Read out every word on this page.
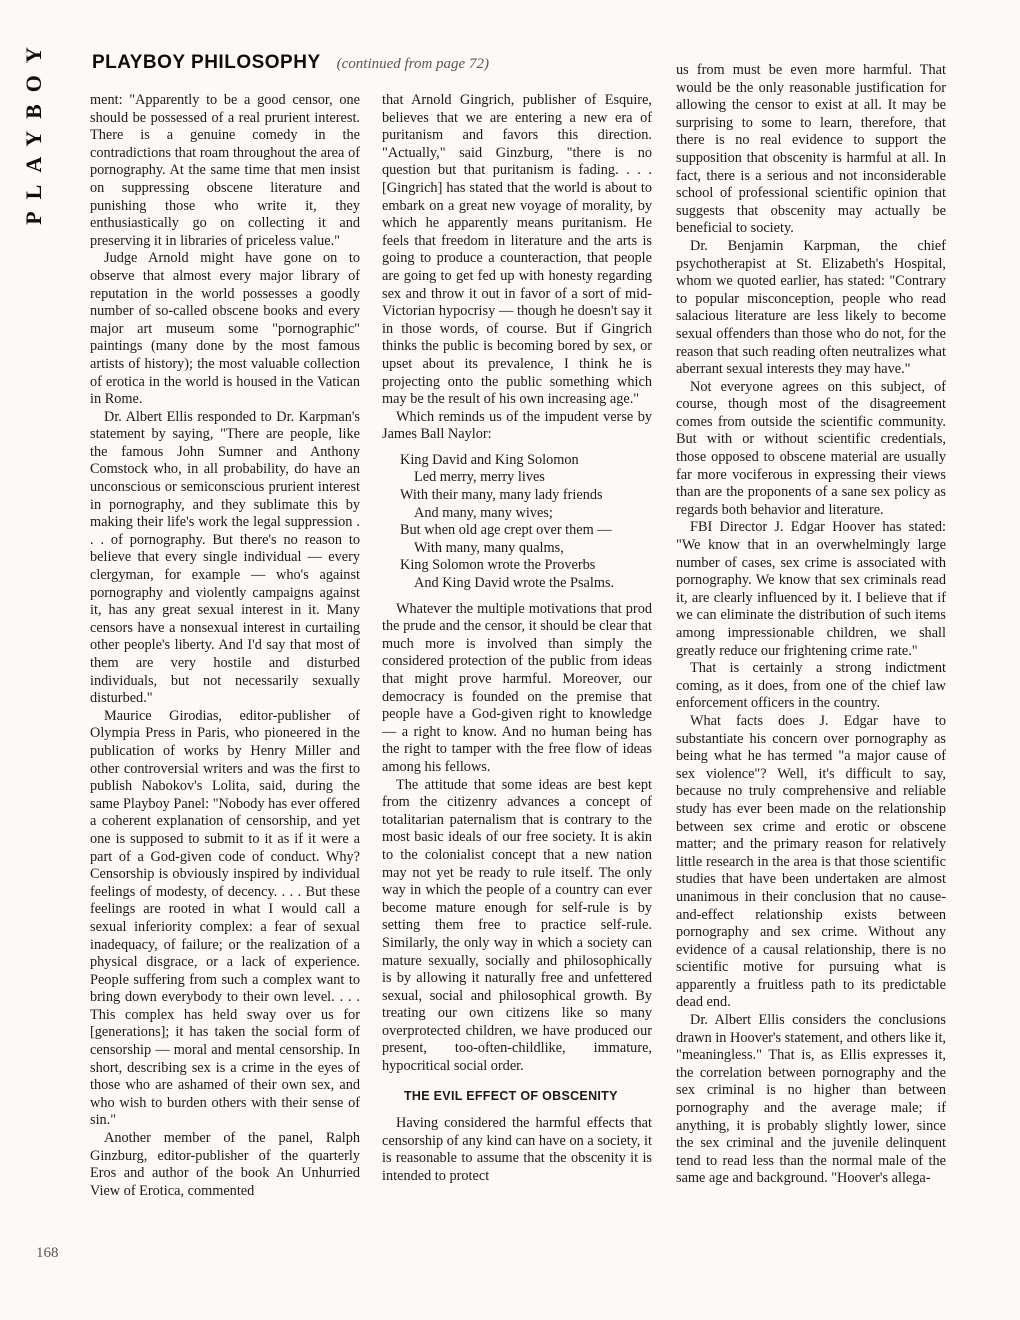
PLAYBOY PLAYBOY PHILOSOPHY (continued from page 72)

ment: "Apparently to be a good censor, one should be possessed of a real prurient interest. There is a genuine comedy in the contradictions that roam throughout the area of pornography. At the same time that men insist on suppressing obscene literature and punishing those who write it, they enthusiastically go on collecting it and preserving it in libraries of priceless value."

Judge Arnold might have gone on to observe that almost every major library of reputation in the world possesses a goodly number of so-called obscene books and every major art museum some "pornographic" paintings (many done by the most famous artists of history); the most valuable collection of erotica in the world is housed in the Vatican in Rome.

Dr. Albert Ellis responded to Dr. Karpman's statement by saying, "There are people, like the famous John Sumner and Anthony Comstock who, in all probability, do have an unconscious or semiconscious prurient interest in pornography, and they sublimate this by making their life's work the legal suppression . . . of pornography. But there's no reason to believe that every single individual — every clergyman, for example — who's against pornography and violently campaigns against it, has any great sexual interest in it. Many censors have a nonsexual interest in curtailing other people's liberty. And I'd say that most of them are very hostile and disturbed individuals, but not necessarily sexually disturbed."

Maurice Girodias, editor-publisher of Olympia Press in Paris, who pioneered in the publication of works by Henry Miller and other controversial writers and was the first to publish Nabokov's Lolita, said, during the same Playboy Panel: "Nobody has ever offered a coherent explanation of censorship, and yet one is supposed to submit to it as if it were a part of a God-given code of conduct. Why? Censorship is obviously inspired by individual feelings of modesty, of decency. . . . But these feelings are rooted in what I would call a sexual inferiority complex: a fear of sexual inadequacy, of failure; or the realization of a physical disgrace, or a lack of experience. People suffering from such a complex want to bring down everybody to their own level. . . . This complex has held sway over us for [generations]; it has taken the social form of censorship — moral and mental censorship. In short, describing sex is a crime in the eyes of those who are ashamed of their own sex, and who wish to burden others with their sense of sin."

Another member of the panel, Ralph Ginzburg, editor-publisher of the quarterly Eros and author of the book An Unhurried View of Erotica, commented

that Arnold Gingrich, publisher of Esquire, believes that we are entering a new era of puritanism and favors this direction. "Actually," said Ginzburg, "there is no question but that puritanism is fading. . . . [Gingrich] has stated that the world is about to embark on a great new voyage of morality, by which he apparently means puritanism. He feels that freedom in literature and the arts is going to produce a counteraction, that people are going to get fed up with honesty regarding sex and throw it out in favor of a sort of mid-Victorian hypocrisy — though he doesn't say it in those words, of course. But if Gingrich thinks the public is becoming bored by sex, or upset about its prevalence, I think he is projecting onto the public something which may be the result of his own increasing age."

Which reminds us of the impudent verse by James Ball Naylor:

King David and King Solomon
Led merry, merry lives
With their many, many lady friends
And many, many wives;
But when old age crept over them —
With many, many qualms,
King Solomon wrote the Proverbs
And King David wrote the Psalms.

Whatever the multiple motivations that prod the prude and the censor, it should be clear that much more is involved than simply the considered protection of the public from ideas that might prove harmful. Moreover, our democracy is founded on the premise that people have a God-given right to knowledge — a right to know. And no human being has the right to tamper with the free flow of ideas among his fellows.

The attitude that some ideas are best kept from the citizenry advances a concept of totalitarian paternalism that is contrary to the most basic ideals of our free society. It is akin to the colonialist concept that a new nation may not yet be ready to rule itself. The only way in which the people of a country can ever become mature enough for self-rule is by setting them free to practice self-rule. Similarly, the only way in which a society can mature sexually, socially and philosophically is by allowing it naturally free and unfettered sexual, social and philosophical growth. By treating our own citizens like so many overprotected children, we have produced our present, too-often-childlike, immature, hypocritical social order.

THE EVIL EFFECT OF OBSCENITY

Having considered the harmful effects that censorship of any kind can have on a society, it is reasonable to assume that the obscenity it is intended to protect

us from must be even more harmful. That would be the only reasonable justification for allowing the censor to exist at all. It may be surprising to some to learn, therefore, that there is no real evidence to support the supposition that obscenity is harmful at all. In fact, there is a serious and not inconsiderable school of professional scientific opinion that suggests that obscenity may actually be beneficial to society.

Dr. Benjamin Karpman, the chief psychotherapist at St. Elizabeth's Hospital, whom we quoted earlier, has stated: "Contrary to popular misconception, people who read salacious literature are less likely to become sexual offenders than those who do not, for the reason that such reading often neutralizes what aberrant sexual interests they may have."

Not everyone agrees on this subject, of course, though most of the disagreement comes from outside the scientific community. But with or without scientific credentials, those opposed to obscene material are usually far more vociferous in expressing their views than are the proponents of a sane sex policy as regards both behavior and literature.

FBI Director J. Edgar Hoover has stated: "We know that in an overwhelmingly large number of cases, sex crime is associated with pornography. We know that sex criminals read it, are clearly influenced by it. I believe that if we can eliminate the distribution of such items among impressionable children, we shall greatly reduce our frightening crime rate."

That is certainly a strong indictment coming, as it does, from one of the chief law enforcement officers in the country.

What facts does J. Edgar have to substantiate his concern over pornography as being what he has termed "a major cause of sex violence"? Well, it's difficult to say, because no truly comprehensive and reliable study has ever been made on the relationship between sex crime and erotic or obscene matter; and the primary reason for relatively little research in the area is that those scientific studies that have been undertaken are almost unanimous in their conclusion that no cause-and-effect relationship exists between pornography and sex crime. Without any evidence of a causal relationship, there is no scientific motive for pursuing what is apparently a fruitless path to its predictable dead end.

Dr. Albert Ellis considers the conclusions drawn in Hoover's statement, and others like it, "meaningless." That is, as Ellis expresses it, the correlation between pornography and the sex criminal is no higher than between pornography and the average male; if anything, it is probably slightly lower, since the sex criminal and the juvenile delinquent tend to read less than the normal male of the same age and background. "Hoover's allega-

168
